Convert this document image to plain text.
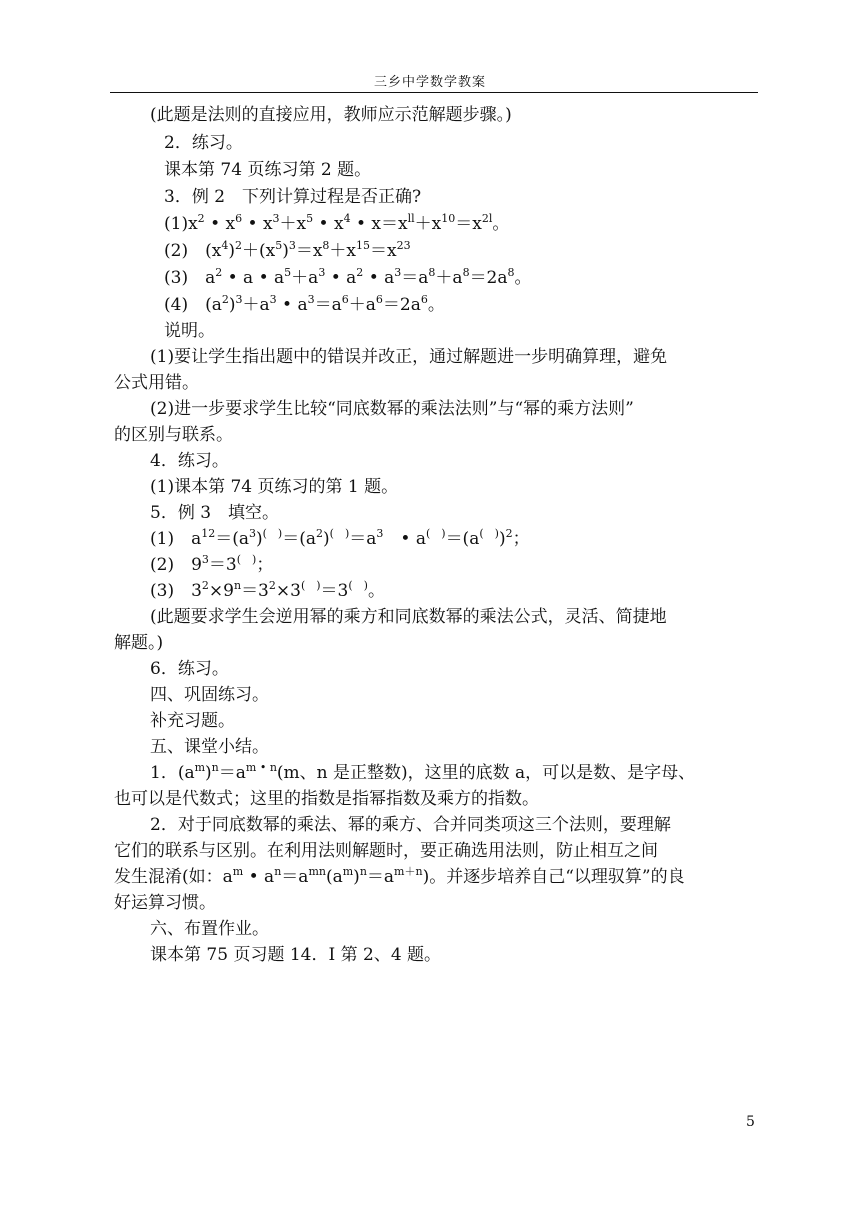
三乡中学数学教案
(此题是法则的直接应用，教师应示范解题步骤。)
2．练习。
课本第 74 页练习第 2 题。
3．例 2　下列计算过程是否正确?
$(1)x^2$ • $x^6$ • $x^3+x^5$ • $x^4$ • $x=x^{ll}+x^{10}=x^{2l}$。
(2)　$(x^4)^2+(x^5)^3=x^8+x^{15}=x^{23}$
(3)　$a^2$ • a • $a^5+a^3$ • $a^2$ • $a^3=a^8+a^8=2a^8$。
(4)　$(a^2)^3+a^3$ • $a^3=a^6+a^6=2a^6$。
说明。
(1)要让学生指出题中的错误并改正，通过解题进一步明确算理，避免
公式用错。
(2)进一步要求学生比较“同底数幂的乘法法则”与“幂的乘方法则”
的区别与联系。
4．练习。
(1)课本第 74 页练习的第 1 题。
5．例 3　填空。
(1)　$a^{12}=(a^3)^{( )}=(a^2)^{( )}=a^3$　• $a^{( )}=(a^{( )})^2$；
(2)　$9^3=3^{( )}$；
(3)　$3^2\times 9^n=3^2\times 3^{( )}=3^{( )}$。
(此题要求学生会逆用幂的乘方和同底数幂的乘法公式，灵活、简捷地
解题。)
6．练习。
四、巩固练习。
补充习题。
五、课堂小结。
1．$(a^m)^n=a^{m • n}(m$、n 是正整数)，这里的底数 a，可以是数、是字母、
也可以是代数式；这里的指数是指幂指数及乘方的指数。
2．对于同底数幂的乘法、幂的乘方、合并同类项这三个法则，要理解
它们的联系与区别。在利用法则解题时，要正确选用法则，防止相互之间
发生混淆(如：$a^m$ • $a^n=a^{mn}(a^m)^n=a^{m+n}$)。并逐步培养自己“以理驭算”的良
好运算习惯。
六、布置作业。
课本第 75 页习题 14．I 第 2、4 题。
5
